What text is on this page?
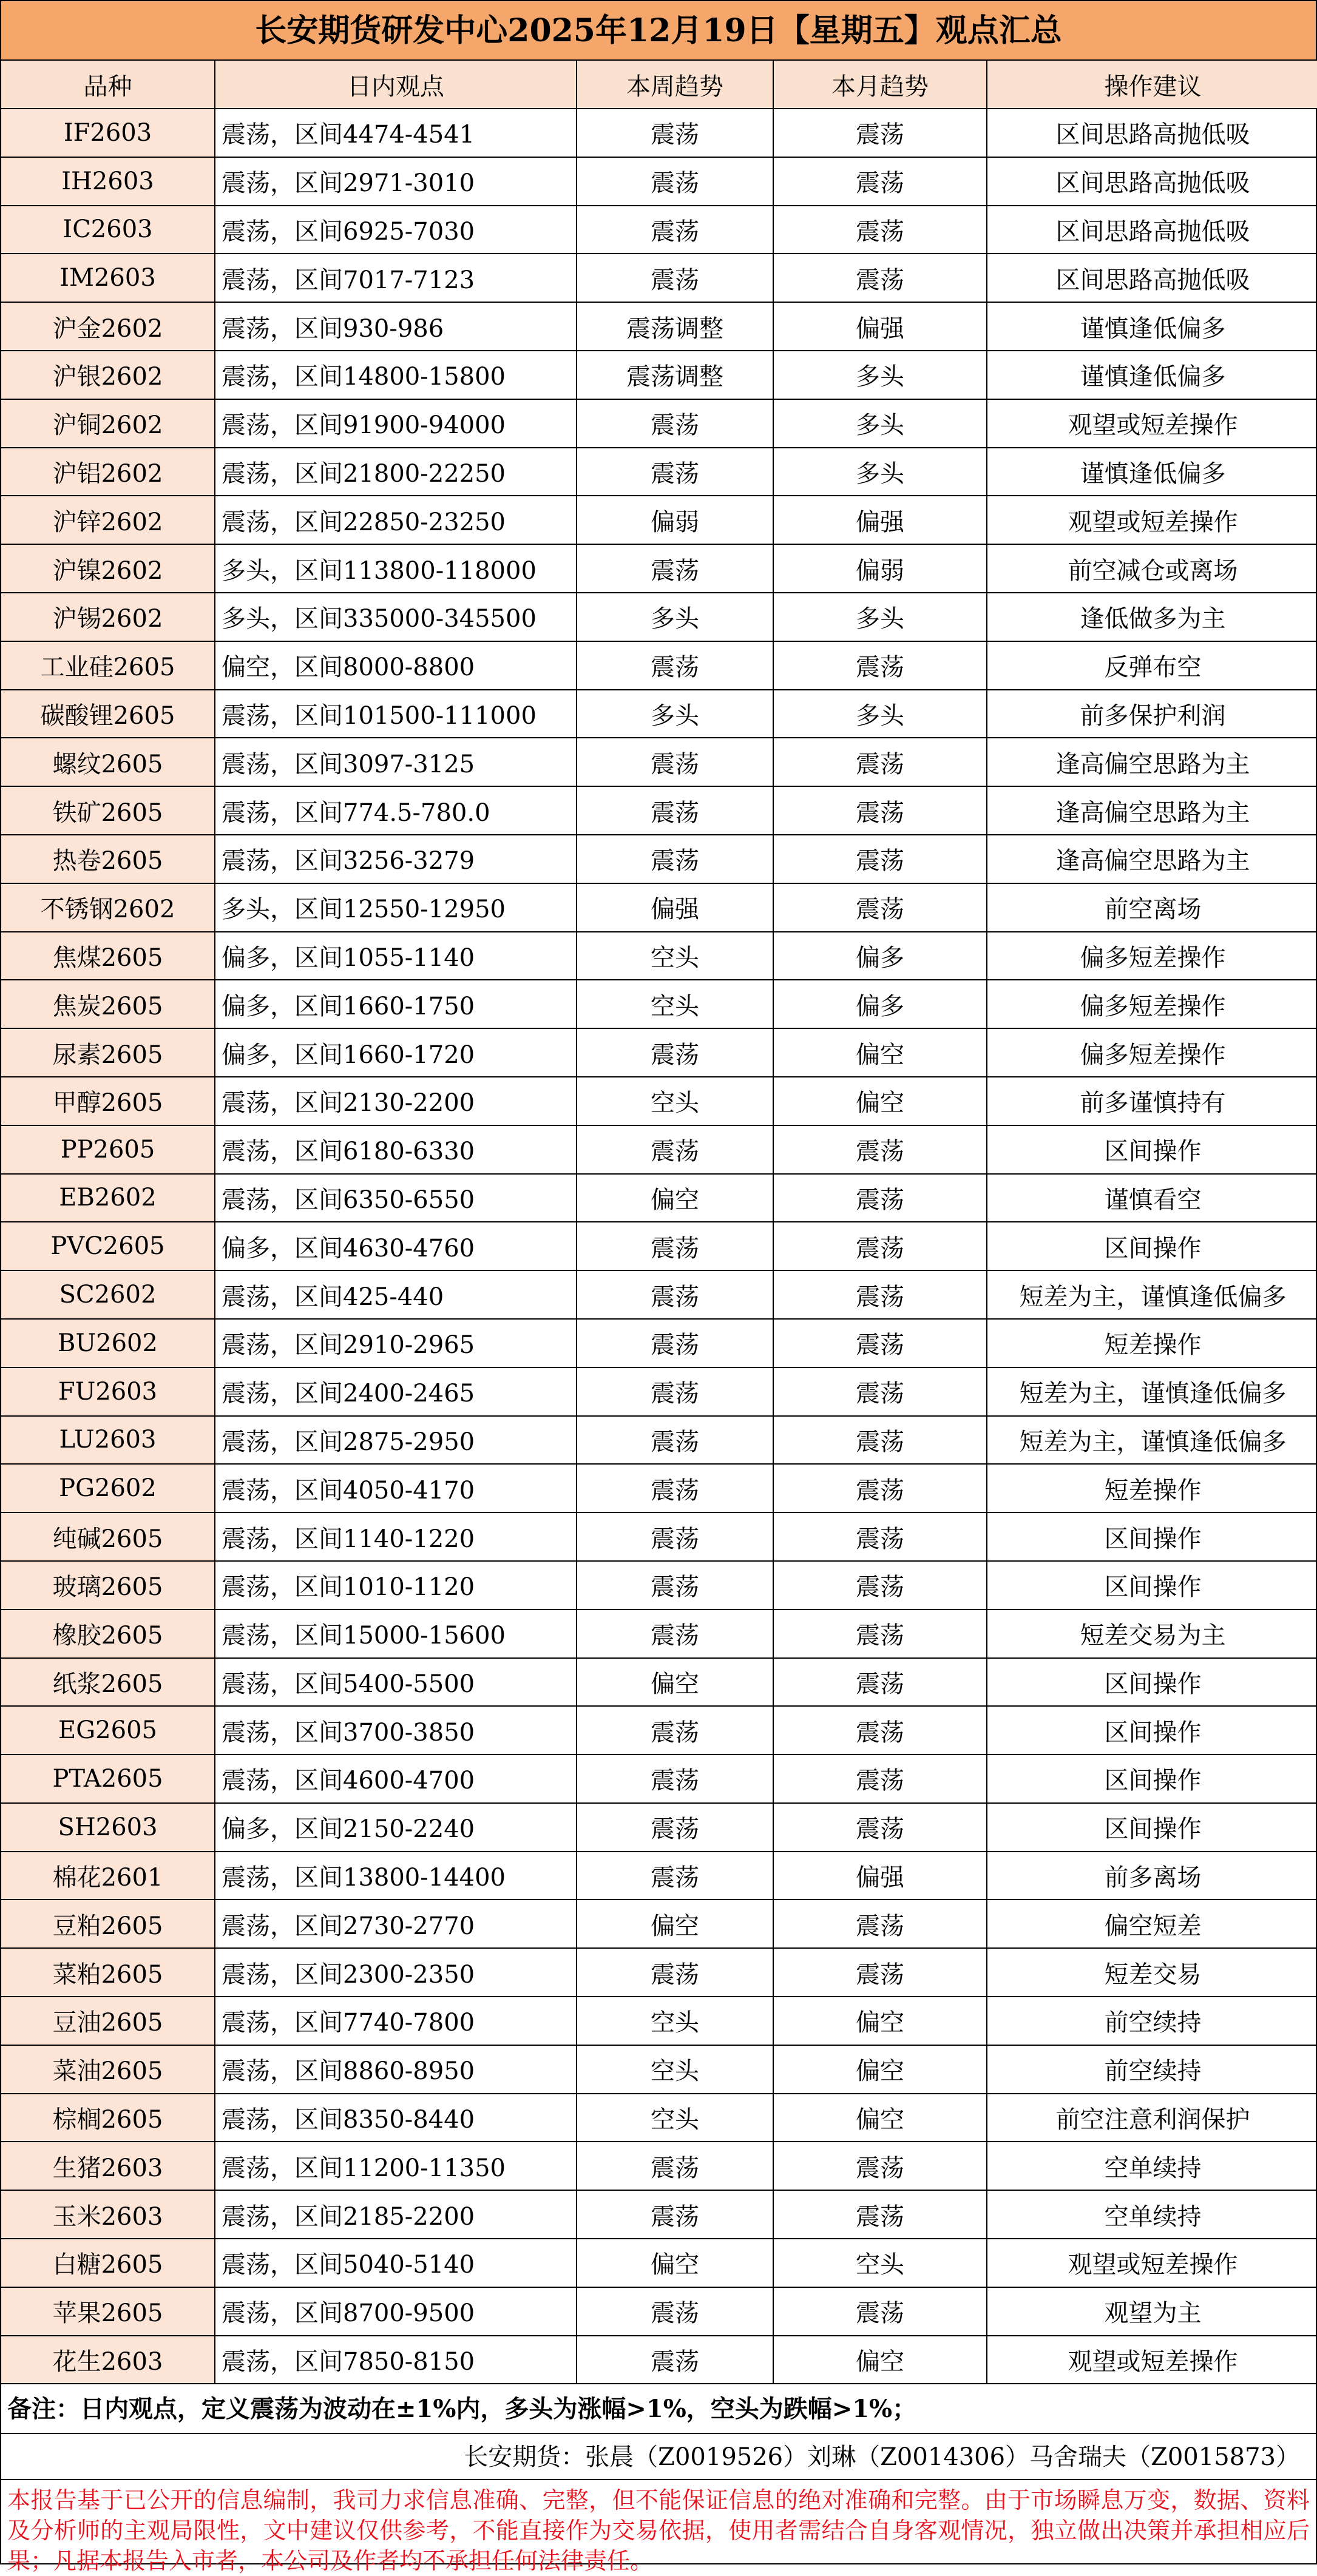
长安期货研发中心2025年12月19日【星期五】观点汇总
品种	日内观点	本周趋势	本月趋势	操作建议
IF2603	震荡，区间4474-4541	震荡	震荡	区间思路高抛低吸
IH2603	震荡，区间2971-3010	震荡	震荡	区间思路高抛低吸
IC2603	震荡，区间6925-7030	震荡	震荡	区间思路高抛低吸
IM2603	震荡，区间7017-7123	震荡	震荡	区间思路高抛低吸
沪金2602	震荡，区间930-986	震荡调整	偏强	谨慎逢低偏多
沪银2602	震荡，区间14800-15800	震荡调整	多头	谨慎逢低偏多
沪铜2602	震荡，区间91900-94000	震荡	多头	观望或短差操作
沪铝2602	震荡，区间21800-22250	震荡	多头	谨慎逢低偏多
沪锌2602	震荡，区间22850-23250	偏弱	偏强	观望或短差操作
沪镍2602	多头，区间113800-118000	震荡	偏弱	前空减仓或离场
沪锡2602	多头，区间335000-345500	多头	多头	逢低做多为主
工业硅2605	偏空，区间8000-8800	震荡	震荡	反弹布空
碳酸锂2605	震荡，区间101500-111000	多头	多头	前多保护利润
螺纹2605	震荡，区间3097-3125	震荡	震荡	逢高偏空思路为主
铁矿2605	震荡，区间774.5-780.0	震荡	震荡	逢高偏空思路为主
热卷2605	震荡，区间3256-3279	震荡	震荡	逢高偏空思路为主
不锈钢2602	多头，区间12550-12950	偏强	震荡	前空离场
焦煤2605	偏多，区间1055-1140	空头	偏多	偏多短差操作
焦炭2605	偏多，区间1660-1750	空头	偏多	偏多短差操作
尿素2605	偏多，区间1660-1720	震荡	偏空	偏多短差操作
甲醇2605	震荡，区间2130-2200	空头	偏空	前多谨慎持有
PP2605	震荡，区间6180-6330	震荡	震荡	区间操作
EB2602	震荡，区间6350-6550	偏空	震荡	谨慎看空
PVC2605	偏多，区间4630-4760	震荡	震荡	区间操作
SC2602	震荡，区间425-440	震荡	震荡	短差为主，谨慎逢低偏多
BU2602	震荡，区间2910-2965	震荡	震荡	短差操作
FU2603	震荡，区间2400-2465	震荡	震荡	短差为主，谨慎逢低偏多
LU2603	震荡，区间2875-2950	震荡	震荡	短差为主，谨慎逢低偏多
PG2602	震荡，区间4050-4170	震荡	震荡	短差操作
纯碱2605	震荡，区间1140-1220	震荡	震荡	区间操作
玻璃2605	震荡，区间1010-1120	震荡	震荡	区间操作
橡胶2605	震荡，区间15000-15600	震荡	震荡	短差交易为主
纸浆2605	震荡，区间5400-5500	偏空	震荡	区间操作
EG2605	震荡，区间3700-3850	震荡	震荡	区间操作
PTA2605	震荡，区间4600-4700	震荡	震荡	区间操作
SH2603	偏多，区间2150-2240	震荡	震荡	区间操作
棉花2601	震荡，区间13800-14400	震荡	偏强	前多离场
豆粕2605	震荡，区间2730-2770	偏空	震荡	偏空短差
菜粕2605	震荡，区间2300-2350	震荡	震荡	短差交易
豆油2605	震荡，区间7740-7800	空头	偏空	前空续持
菜油2605	震荡，区间8860-8950	空头	偏空	前空续持
棕榈2605	震荡，区间8350-8440	空头	偏空	前空注意利润保护
生猪2603	震荡，区间11200-11350	震荡	震荡	空单续持
玉米2603	震荡，区间2185-2200	震荡	震荡	空单续持
白糖2605	震荡，区间5040-5140	偏空	空头	观望或短差操作
苹果2605	震荡，区间8700-9500	震荡	震荡	观望为主
花生2603	震荡，区间7850-8150	震荡	偏空	观望或短差操作
备注：日内观点，定义震荡为波动在±1%内，多头为涨幅>1%，空头为跌幅>1%；
长安期货：张晨（Z0019526）刘琳（Z0014306）马舍瑞夫（Z0015873）
本报告基于已公开的信息编制，我司力求信息准确、完整，但不能保证信息的绝对准确和完整。由于市场瞬息万变，数据、资料及分析师的主观局限性，文中建议仅供参考，不能直接作为交易依据，使用者需结合自身客观情况，独立做出决策并承担相应后果；凡据本报告入市者，本公司及作者均不承担任何法律责任。
